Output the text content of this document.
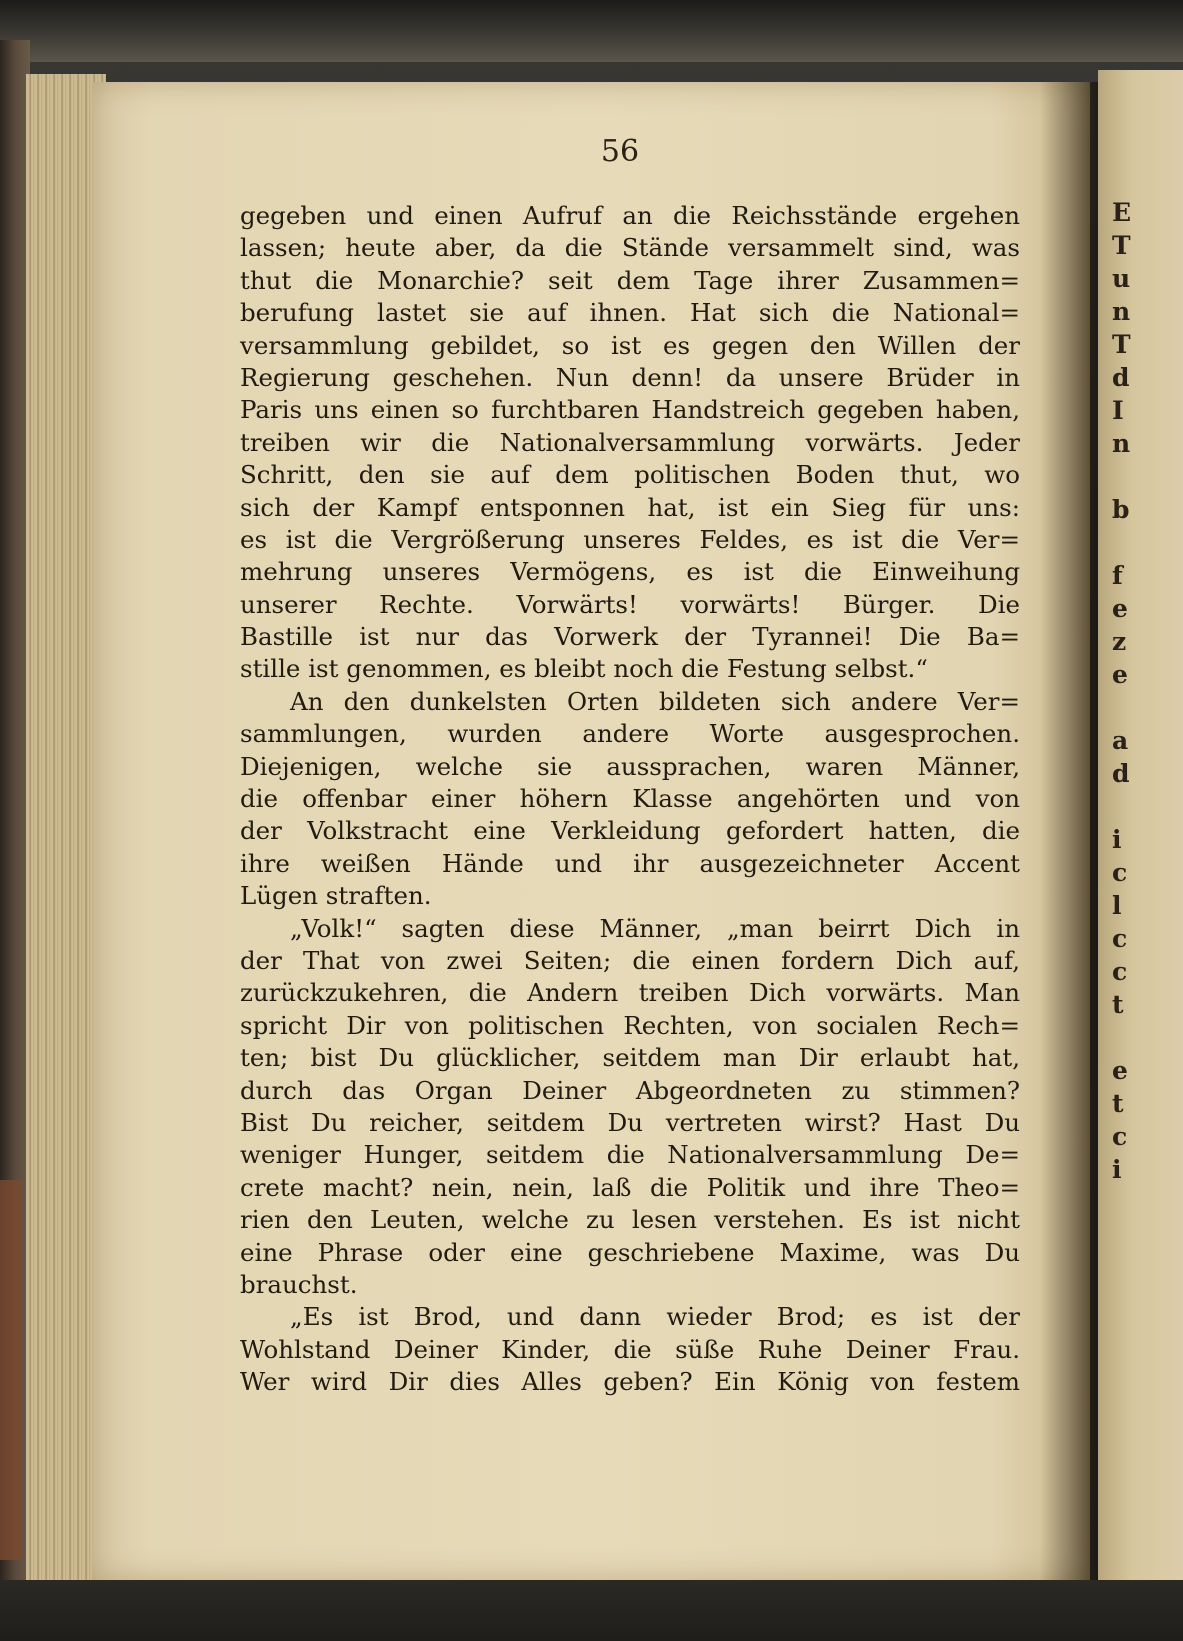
56
gegeben und einen Aufruf an die Reichsstände ergehen
lassen; heute aber, da die Stände versammelt sind, was
thut die Monarchie? seit dem Tage ihrer Zusammen=
berufung lastet sie auf ihnen. Hat sich die National=
versammlung gebildet, so ist es gegen den Willen der
Regierung geschehen. Nun denn! da unsere Brüder in
Paris uns einen so furchtbaren Handstreich gegeben haben,
treiben wir die Nationalversammlung vorwärts. Jeder
Schritt, den sie auf dem politischen Boden thut, wo
sich der Kampf entsponnen hat, ist ein Sieg für uns:
es ist die Vergrößerung unseres Feldes, es ist die Ver=
mehrung unseres Vermögens, es ist die Einweihung
unserer Rechte. Vorwärts! vorwärts! Bürger. Die
Bastille ist nur das Vorwerk der Tyrannei! Die Ba=
stille ist genommen, es bleibt noch die Festung selbst.“
An den dunkelsten Orten bildeten sich andere Ver=
sammlungen, wurden andere Worte ausgesprochen.
Diejenigen, welche sie aussprachen, waren Männer,
die offenbar einer höhern Klasse angehörten und von
der Volkstracht eine Verkleidung gefordert hatten, die
ihre weißen Hände und ihr ausgezeichneter Accent
Lügen straften.
„Volk!“ sagten diese Männer, „man beirrt Dich in
der That von zwei Seiten; die einen fordern Dich auf,
zurückzukehren, die Andern treiben Dich vorwärts. Man
spricht Dir von politischen Rechten, von socialen Rech=
ten; bist Du glücklicher, seitdem man Dir erlaubt hat,
durch das Organ Deiner Abgeordneten zu stimmen?
Bist Du reicher, seitdem Du vertreten wirst? Hast Du
weniger Hunger, seitdem die Nationalversammlung De=
crete macht? nein, nein, laß die Politik und ihre Theo=
rien den Leuten, welche zu lesen verstehen. Es ist nicht
eine Phrase oder eine geschriebene Maxime, was Du
brauchst.
„Es ist Brod, und dann wieder Brod; es ist der
Wohlstand Deiner Kinder, die süße Ruhe Deiner Frau.
Wer wird Dir dies Alles geben? Ein König von festem
E
T
u
n
T
d
I
n
b
f
e
z
e
a
d
i
c
l
c
c
t
e
t
c
i
